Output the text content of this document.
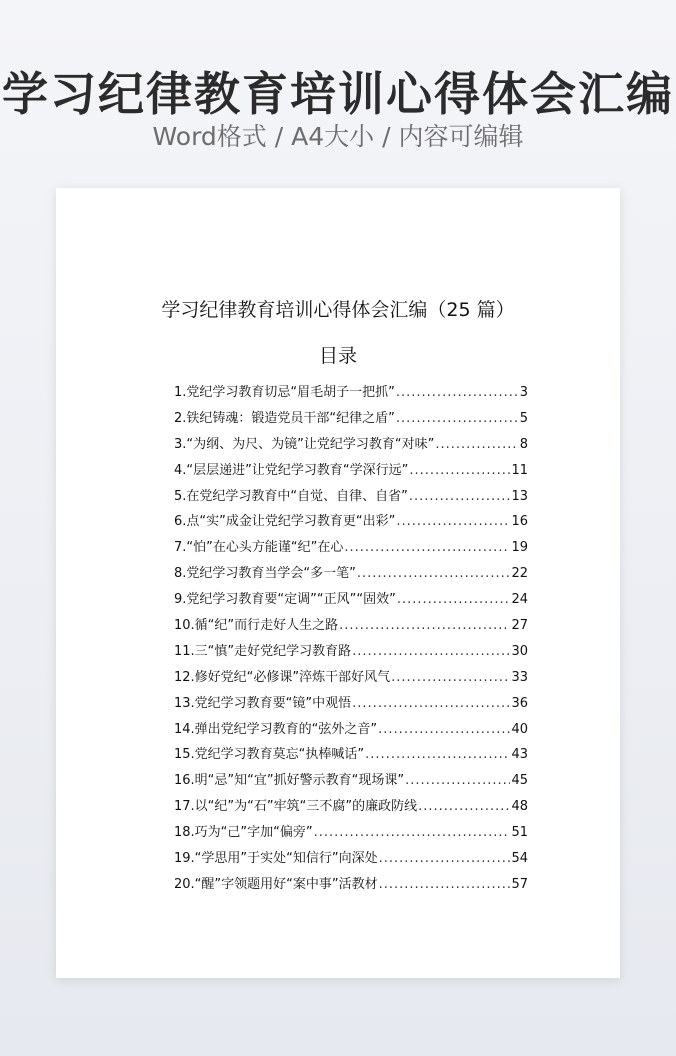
学习纪律教育培训心得体会汇编
Word格式 / A4大小 / 内容可编辑
学习纪律教育培训心得体会汇编（25 篇）
目录
1.党纪学习教育切忌“眉毛胡子一把抓” .....	3
2.铁纪铸魂：锻造党员干部“纪律之盾” .....	5
3.“为纲、为尺、为镜”让党纪学习教育“对味” .....	8
4.“层层递进”让党纪学习教育“学深行远” .....	11
5.在党纪学习教育中“自觉、自律、自省” .....	13
6.点“实”成金让党纪学习教育更“出彩” .....	16
7.“怕”在心头方能谨“纪”在心 .....	19
8.党纪学习教育当学会“多一笔” .....	22
9.党纪学习教育要“定调”“正风”“固效” .....	24
10.循“纪”而行走好人生之路 .....	27
11.三“慎”走好党纪学习教育路 .....	30
12.修好党纪“必修课”淬炼干部好风气 .....	33
13.党纪学习教育要“镜”中观悟 .....	36
14.弹出党纪学习教育的“弦外之音” .....	40
15.党纪学习教育莫忘“执棒喊话” .....	43
16.明“忌”知“宜”抓好警示教育“现场课” .....	45
17.以“纪”为“石”牢筑“三不腐”的廉政防线 .....	48
18.巧为“己”字加“偏旁” .....	51
19.“学思用”于实处“知信行”向深处 .....	54
20.“醒”字领题用好“案中事”活教材 .....	57
